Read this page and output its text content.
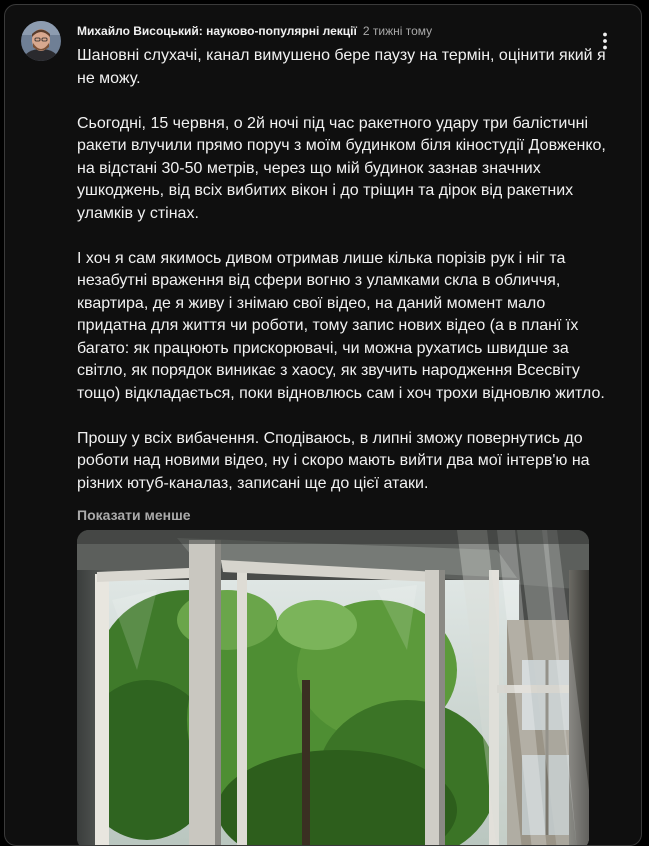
Михайло Висоцький: науково-популярні лекції 2 тижні тому

Шановні слухачі, канал вимушено бере паузу на термін, оцінити який я не можу.

Сьогодні, 15 червня, о 2й ночі під час ракетного удару три балістичні ракети влучили прямо поруч з моїм будинком біля кіностудії Довженко, на відстані 30-50 метрів, через що мій будинок зазнав значних ушкоджень, від всіх вибитих вікон і до тріщин та дірок від ракетних уламків у стінах.

І хоч я сам якимось дивом отримав лише кілька порізів рук і ніг та незабутні враження від сфери вогню з уламками скла в обличчя, квартира, де я живу і знімаю свої відео, на даний момент мало придатна для життя чи роботи, тому запис нових відео (а в планї їх багато: як працюють прискорювачі, чи можна рухатись швидше за світло, як порядок виникає з хаосу, як звучить народження Всесвіту тощо) відкладається, поки відновлюсь сам і хоч трохи відновлю житло.

Прошу у всіх вибачення. Сподіваюсь, в липні зможу повернутись до роботи над новими відео, ну і скоро мають вийти два мої інтерв'ю на різних ютуб-каналаз, записані ще до цієї атаки.

Показати менше
